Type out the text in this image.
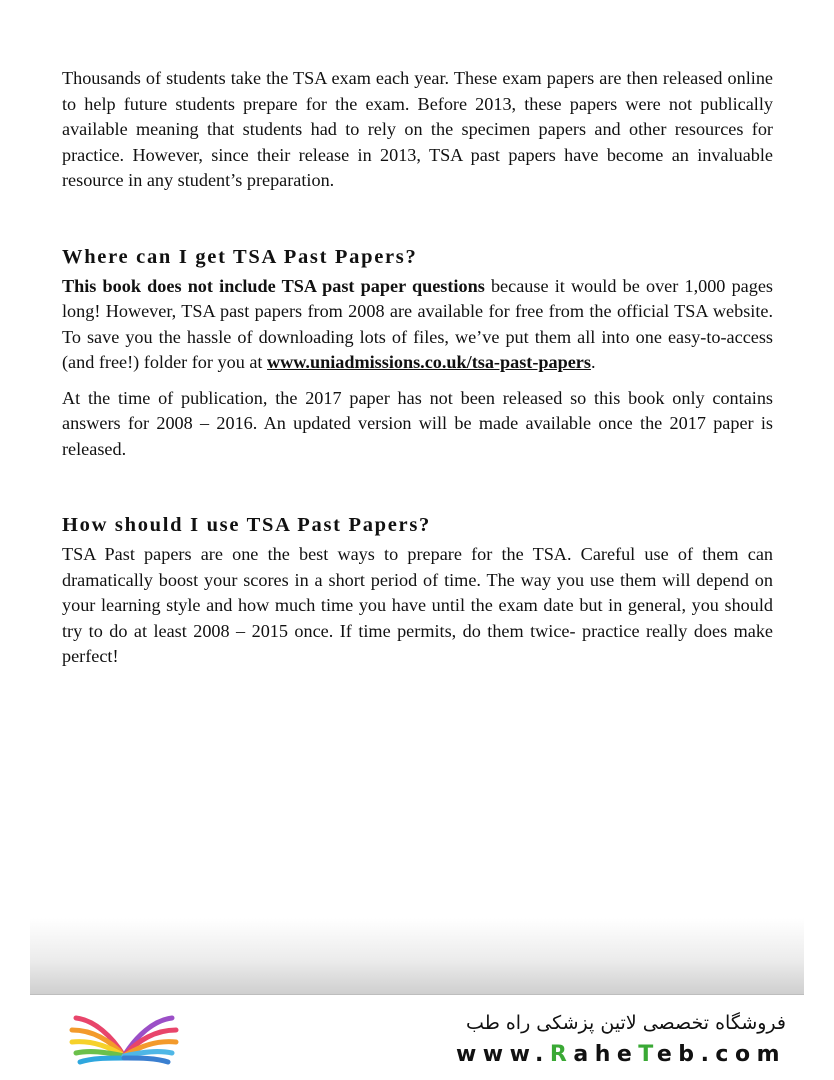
Thousands of students take the TSA exam each year. These exam papers are then released online to help future students prepare for the exam. Before 2013, these papers were not publically available meaning that students had to rely on the specimen papers and other resources for practice. However, since their release in 2013, TSA past papers have become an invaluable resource in any student’s preparation.

Where can I get TSA Past Papers?

This book does not include TSA past paper questions because it would be over 1,000 pages long! However, TSA past papers from 2008 are available for free from the official TSA website. To save you the hassle of downloading lots of files, we’ve put them all into one easy-to-access (and free!) folder for you at www.uniadmissions.co.uk/tsa-past-papers.

At the time of publication, the 2017 paper has not been released so this book only contains answers for 2008 – 2016. An updated version will be made available once the 2017 paper is released.

How should I use TSA Past Papers?

TSA Past papers are one the best ways to prepare for the TSA. Careful use of them can dramatically boost your scores in a short period of time. The way you use them will depend on your learning style and how much time you have until the exam date but in general, you should try to do at least 2008 – 2015 once. If time permits, do them twice- practice really does make perfect!

فروشگاه تخصصی لاتین پزشکی راه طب
www.RaheTeb.com
